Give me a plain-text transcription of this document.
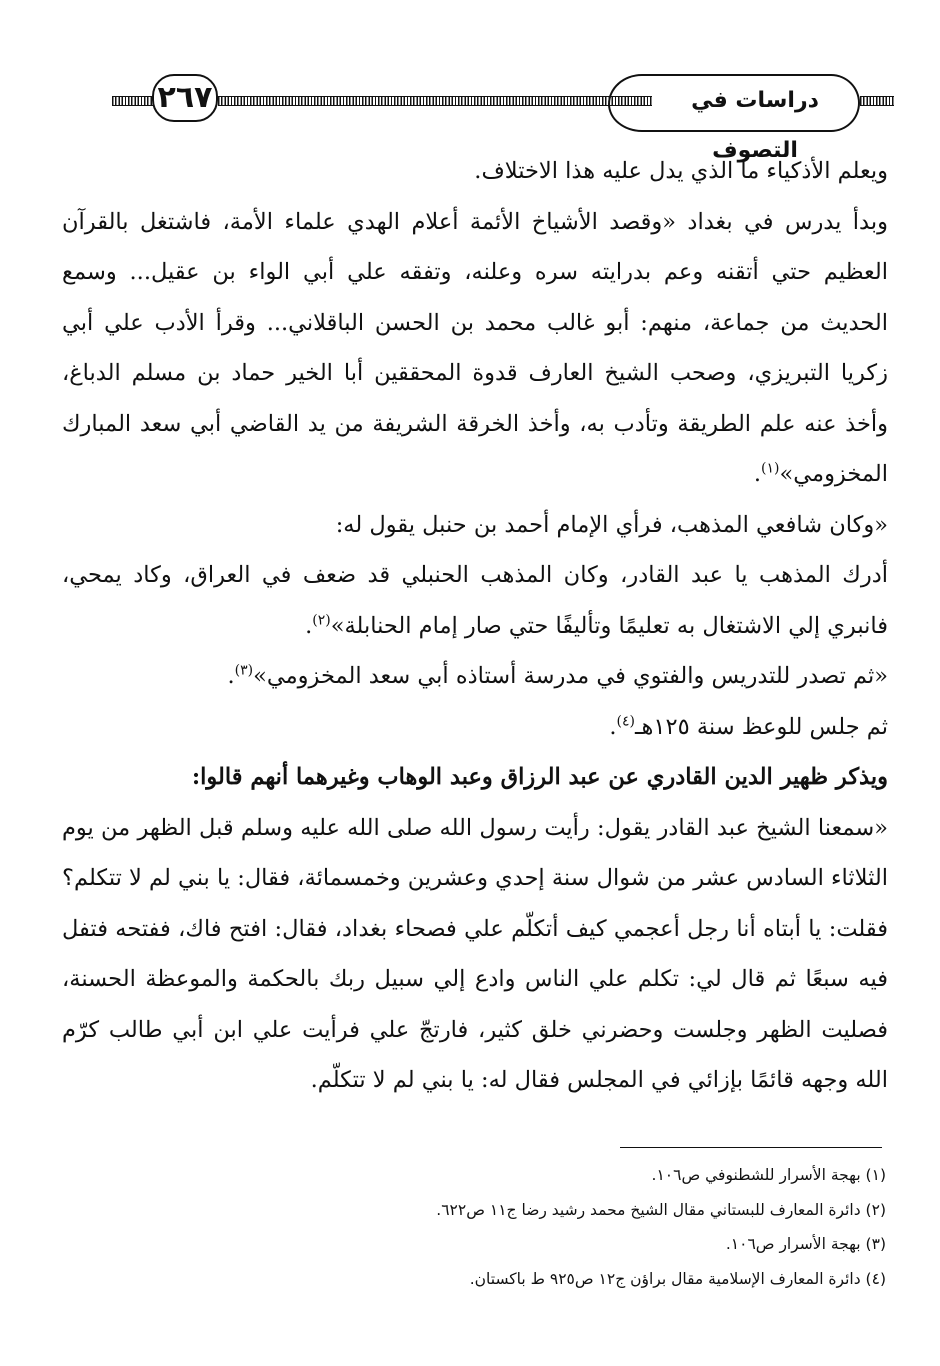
٢٦٧	دراسات في التصوف

ويعلم الأذكياء ما الذي يدل عليه هذا الاختلاف.

وبدأ يدرس في بغداد «وقصد الأشياخ الأئمة أعلام الهدي علماء الأمة، فاشتغل بالقرآن العظيم حتي أتقنه وعم بدرايته سره وعلنه، وتفقه علي أبي الواء بن عقيل... وسمع الحديث من جماعة، منهم: أبو غالب محمد بن الحسن الباقلاني... وقرأ الأدب علي أبي زكريا التبريزي، وصحب الشيخ العارف قدوة المحققين أبا الخير حماد بن مسلم الدباغ، وأخذ عنه علم الطريقة وتأدب به، وأخذ الخرقة الشريفة من يد القاضي أبي سعد المبارك المخزومي»$^{(١)}$.

«وكان شافعي المذهب، فرأي الإمام أحمد بن حنبل يقول له:

أدرك المذهب يا عبد القادر، وكان المذهب الحنبلي قد ضعف في العراق، وكاد يمحي، فانبري إلي الاشتغال به تعليمًا وتأليفًا حتي صار إمام الحنابلة»$^{(٢)}$.

«ثم تصدر للتدريس والفتوي في مدرسة أستاذه أبي سعد المخزومي»$^{(٣)}$.

ثم جلس للوعظ سنة ١٢٥هـ$^{(٤)}$.

ويذكر ظهير الدين القادري عن عبد الرزاق وعبد الوهاب وغيرهما أنهم قالوا:

«سمعنا الشيخ عبد القادر يقول: رأيت رسول الله صلى الله عليه وسلم قبل الظهر من يوم الثلاثاء السادس عشر من شوال سنة إحدي وعشرين وخمسمائة، فقال: يا بني لم لا تتكلم؟

فقلت: يا أبتاه أنا رجل أعجمي كيف أتكلّم علي فصحاء بغداد، فقال: افتح فاك، ففتحه فتفل فيه سبعًا ثم قال لي: تكلم علي الناس وادع إلي سبيل ربك بالحكمة والموعظة الحسنة، فصليت الظهر وجلست وحضرني خلق كثير، فارتجّ علي فرأيت علي ابن أبي طالب كرّم الله وجهه قائمًا بإزائي في المجلس فقال له: يا بني لم لا تتكلّم.

(١) بهجة الأسرار للشطنوفي ص١٠٦.

(٢) دائرة المعارف للبستاني مقال الشيخ محمد رشيد رضا ج١١ ص٦٢٢.

(٣) بهجة الأسرار ص١٠٦.

(٤) دائرة المعارف الإسلامية مقال براؤن ج١٢ ص٩٢٥ ط باكستان.
